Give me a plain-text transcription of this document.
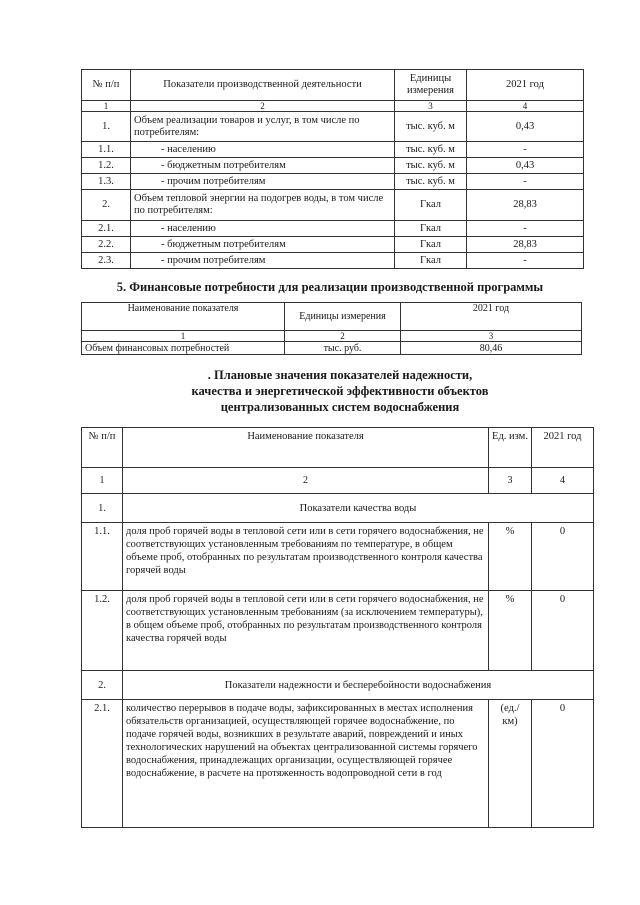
№ п/п	Показатели производственной деятельности	Единицы измерения	2021 год
1	2	3	4
1.	Объем реализации товаров и услуг, в том числе по потребителям:	тыс. куб. м	0,43
1.1.	- населению	тыс. куб. м	-
1.2.	- бюджетным потребителям	тыс. куб. м	0,43
1.3.	- прочим потребителям	тыс. куб. м	-
2.	Объем тепловой энергии на подогрев воды, в том числе по потребителям:	Гкал	28,83
2.1.	- населению	Гкал	-
2.2.	- бюджетным потребителям	Гкал	28,83
2.3.	- прочим потребителям	Гкал	-
5. Финансовые потребности для реализации производственной программы
Наименование показателя	Единицы измерения	2021 год
1	2	3
Объем финансовых потребностей	тыс. руб.	80,46
. Плановые значения показателей надежности,
качества и энергетической эффективности объектов
централизованных систем водоснабжения
№ п/п	Наименование показателя	Ед. изм.	2021 год
1	2	3	4
1.	Показатели качества воды		
1.1.	доля проб горячей воды в тепловой сети или в сети горячего водоснабжения, не соответствующих установленным требованиям по температуре, в общем объеме проб, отобранных по результатам производственного контроля качества горячей воды	%	0
1.2.	доля проб горячей воды в тепловой сети или в сети горячего водоснабжения, не соответствующих установленным требованиям (за исключением температуры), в общем объеме проб, отобранных по результатам производственного контроля качества горячей воды	%	0
2.	Показатели надежности и бесперебойности водоснабжения		
2.1.	количество перерывов в подаче воды, зафиксированных в местах исполнения обязательств организацией, осуществляющей горячее водоснабжение, по подаче горячей воды, возникших в результате аварий, повреждений и иных технологических нарушений на объектах централизованной системы горячего водоснабжения, принадлежащих организации, осуществляющей горячее водоснабжение, в расчете на протяженность водопроводной сети в год	(ед./ км)	0
